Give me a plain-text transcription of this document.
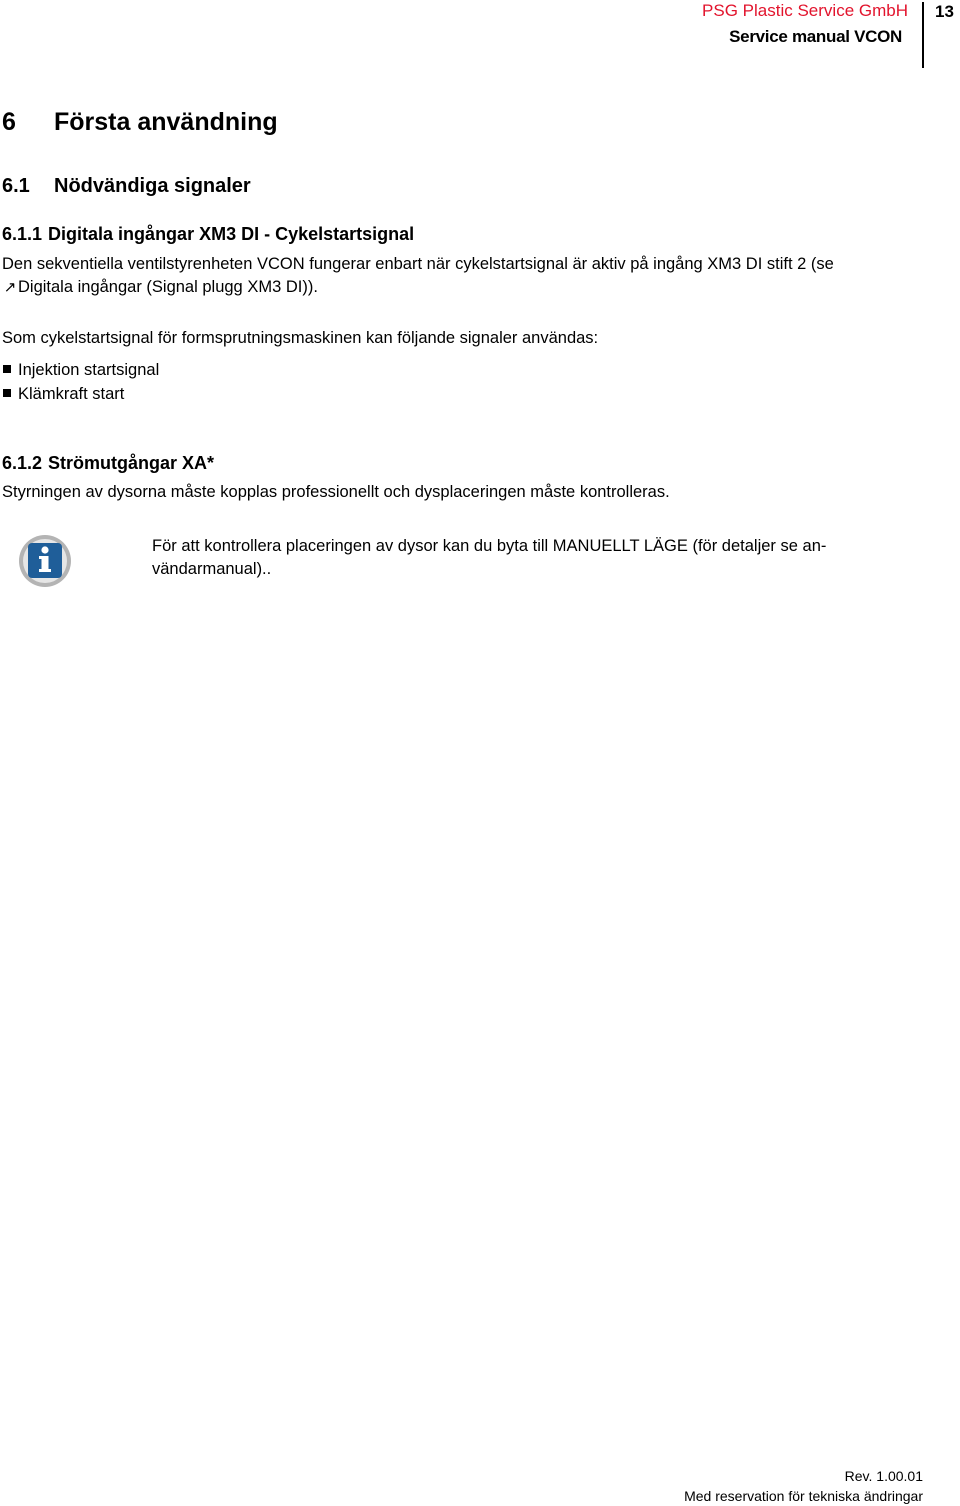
PSG Plastic Service GmbH
Service manual VCON
13
6 Första användning
6.1 Nödvändiga signaler
6.1.1 Digitala ingångar XM3 DI - Cykelstartsignal
Den sekventiella ventilstyrenheten VCON fungerar enbart när cykelstartsignal är aktiv på ingång XM3 DI stift 2 (se
↗ Digitala ingångar (Signal plugg XM3 DI)).
Som cykelstartsignal för formsprutningsmaskinen kan följande signaler användas:
Injektion startsignal
Klämkraft start
6.1.2 Strömutgångar XA*
Styrningen av dysorna måste kopplas professionellt och dysplaceringen måste kontrolleras.
För att kontrollera placeringen av dysor kan du byta till MANUELLT LÄGE (för detaljer se an-
vändarmanual)..
Rev. 1.00.01
Med reservation för tekniska ändringar
